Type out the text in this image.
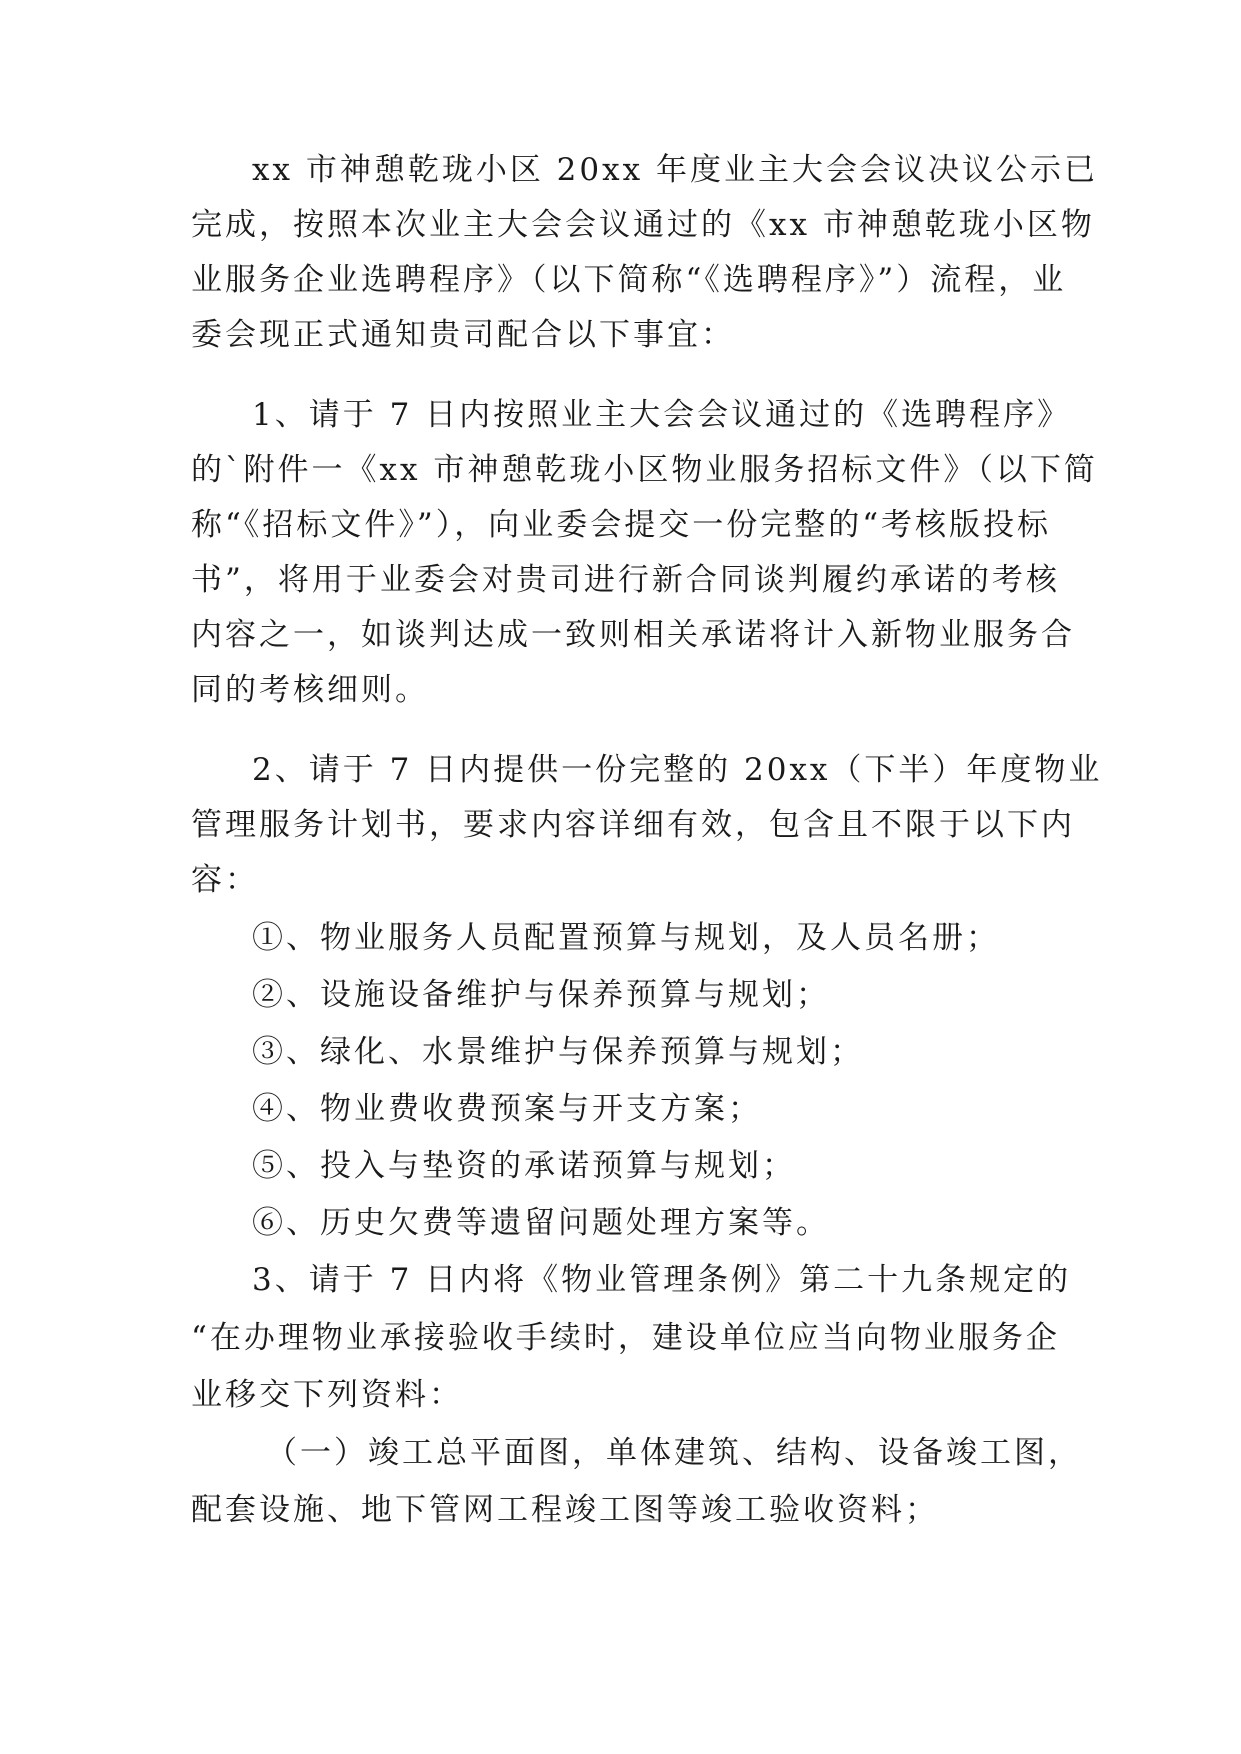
xx 市神憩乾珑小区 20xx 年度业主大会会议决议公示已
完成，按照本次业主大会会议通过的《xx 市神憩乾珑小区物
业服务企业选聘程序》（以下简称“《选聘程序》”）流程，业
委会现正式通知贵司配合以下事宜：
1、请于 7 日内按照业主大会会议通过的《选聘程序》
的`附件一《xx 市神憩乾珑小区物业服务招标文件》（以下简
称“《招标文件》”），向业委会提交一份完整的“考核版投标
书”，将用于业委会对贵司进行新合同谈判履约承诺的考核
内容之一，如谈判达成一致则相关承诺将计入新物业服务合
同的考核细则。
2、请于 7 日内提供一份完整的 20xx（下半）年度物业
管理服务计划书，要求内容详细有效，包含且不限于以下内
容：
①、物业服务人员配置预算与规划，及人员名册；
②、设施设备维护与保养预算与规划；
③、绿化、水景维护与保养预算与规划；
④、物业费收费预案与开支方案；
⑤、投入与垫资的承诺预算与规划；
⑥、历史欠费等遗留问题处理方案等。
3、请于 7 日内将《物业管理条例》第二十九条规定的
“在办理物业承接验收手续时，建设单位应当向物业服务企
业移交下列资料：
（一）竣工总平面图，单体建筑、结构、设备竣工图，
配套设施、地下管网工程竣工图等竣工验收资料；
